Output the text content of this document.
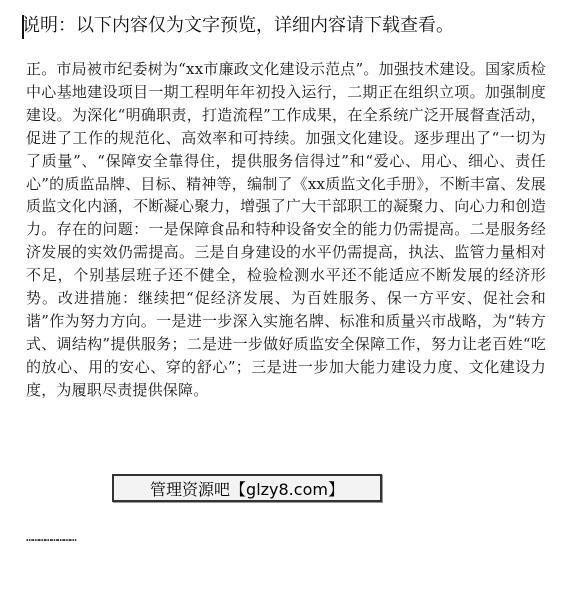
说明：以下内容仅为文字预览，详细内容请下载查看。

正。市局被市纪委树为“xx市廉政文化建设示范点”。加强技术建设。国家质检中心基地建设项目一期工程明年年初投入运行，二期正在组织立项。加强制度建设。为深化“明确职责，打造流程”工作成果，在全系统广泛开展督查活动，促进了工作的规范化、高效率和可持续。加强文化建设。逐步理出了“一切为了质量”、“保障安全靠得住，提供服务信得过”和“爱心、用心、细心、责任心”的质监品牌、目标、精神等，编制了《xx质监文化手册》，不断丰富、发展质监文化内涵，不断凝心聚力，增强了广大干部职工的凝聚力、向心力和创造力。存在的问题：一是保障食品和特种设备安全的能力仍需提高。二是服务经济发展的实效仍需提高。三是自身建设的水平仍需提高，执法、监管力量相对不足，个别基层班子还不健全，检验检测水平还不能适应不断发展的经济形势。改进措施：继续把“促经济发展、为百姓服务、保一方平安、促社会和谐”作为努力方向。一是进一步深入实施名牌、标准和质量兴市战略，为“转方式、调结构”提供服务；二是进一步做好质监安全保障工作，努力让老百姓“吃的放心、用的安心、穿的舒心”；三是进一步加大能力建设力度、文化建设力度，为履职尽责提供保障。

……………………
管理资源吧【glzy8.com】
